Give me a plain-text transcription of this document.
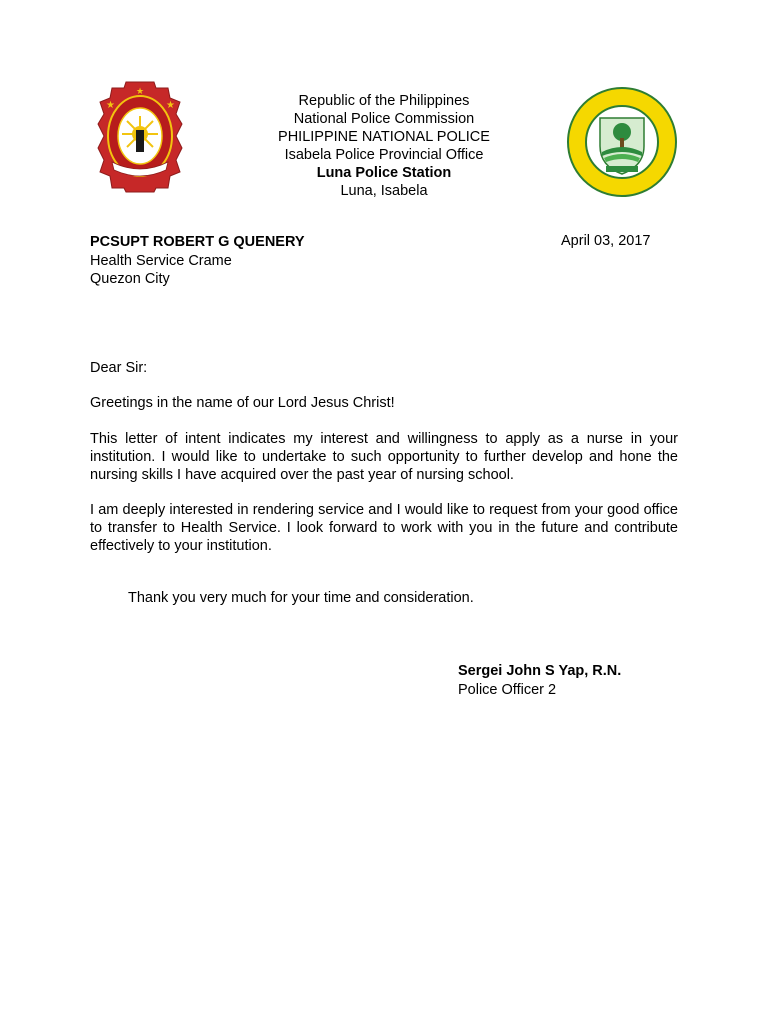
★	★
★
Republic of the Philippines
National Police Commission
PHILIPPINE NATIONAL POLICE
Isabela Police Provincial Office
Luna Police Station
Luna, Isabela
PCSUPT ROBERT G QUENERY
Health Service Crame
Quezon City
April 03, 2017
Dear Sir:
Greetings in the name of our Lord Jesus Christ!
This letter of intent indicates my interest and willingness to apply as a nurse in your institution. I would like to undertake to such opportunity to further develop and hone the nursing skills I have acquired over the past year of nursing school.
I am deeply interested in rendering service and I would like to request from your good office to transfer to Health Service. I look forward to work with you in the future and contribute effectively to your institution.
Thank you very much for your time and consideration.
Sergei John S Yap, R.N.
Police Officer 2
